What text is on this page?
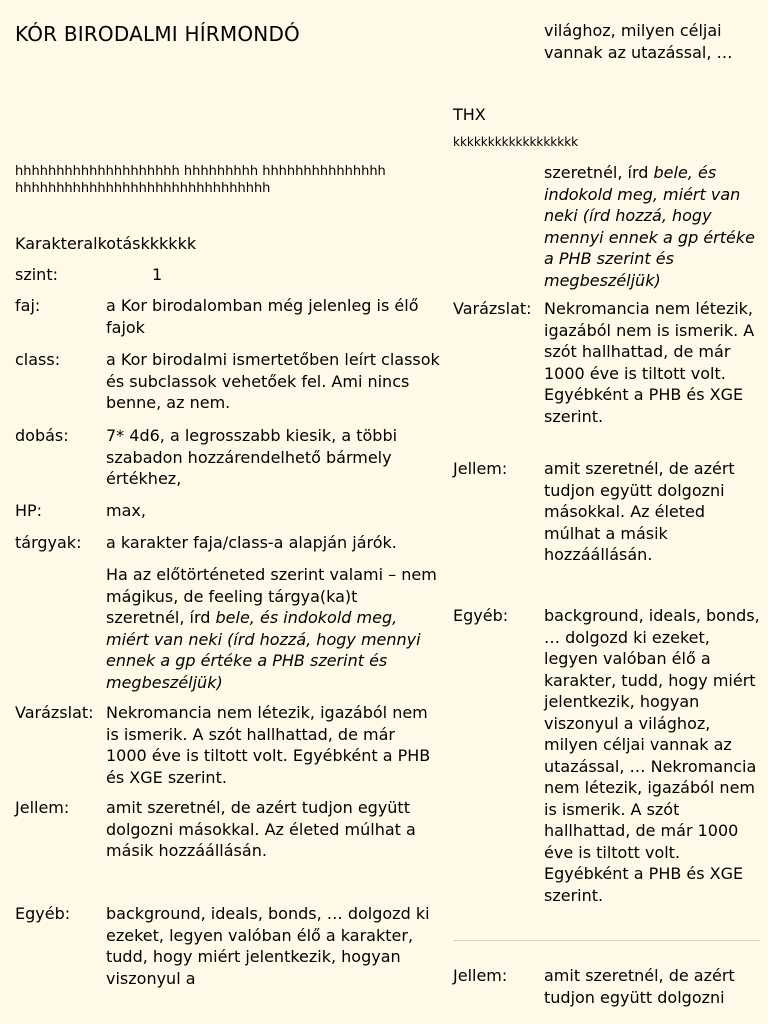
KÓR BIRODALMI HÍRMONDÓ
hhhhhhhhhhhhhhhhhhhh hhhhhhhhh hhhhhhhhhhhhhhh
hhhhhhhhhhhhhhhhhhhhhhhhhhhhhhh
Karakteralkotáskkkkkk
szint:	1
faj:	a Kor birodalomban még jelenleg is élő fajok
class:	a Kor birodalmi ismertetőben leírt classok és subclassok vehetőek fel. Ami nincs benne, az nem.
dobás: 7* 4d6, a legrosszabb kiesik, a többi szabadon hozzárendelhető bármely értékhez,
HP:	max,
tárgyak: a karakter faja/class-a alapján járók.
Ha az előtörténeted szerint valami – nem mágikus, de feeling tárgya(ka)t szeretnél, írd bele, és indokold meg, miért van neki (írd hozzá, hogy mennyi ennek a gp értéke a PHB szerint és megbeszéljük)
Varázslat: Nekromancia nem létezik, igazából nem is ismerik. A szót hallhattad, de már 1000 éve is tiltott volt. Egyébként a PHB és XGE szerint.
Jellem: amit szeretnél, de azért tudjon együtt dolgozni másokkal. Az életed múlhat a másik hozzáállásán.
Egyéb: background, ideals, bonds, … dolgozd ki ezeket, legyen valóban élő a karakter, tudd, hogy miért jelentkezik, hogyan viszonyul a
világhoz, milyen céljai vannak az utazással, …
THX
kkkkkkkkkkkkkkkkkk
szeretnél, írd bele, és indokold meg, miért van neki (írd hozzá, hogy mennyi ennek a gp értéke a PHB szerint és megbeszéljük)
Varázslat: Nekromancia nem létezik, igazából nem is ismerik. A szót hallhattad, de már 1000 éve is tiltott volt. Egyébként a PHB és XGE szerint.
Jellem: amit szeretnél, de azért tudjon együtt dolgozni másokkal. Az életed múlhat a másik hozzáállásán.
Egyéb: background, ideals, bonds, … dolgozd ki ezeket, legyen valóban élő a karakter, tudd, hogy miért jelentkezik, hogyan viszonyul a világhoz, milyen céljai vannak az utazással, … Nekromancia nem létezik, igazából nem is ismerik. A szót hallhattad, de már 1000 éve is tiltott volt. Egyébként a PHB és XGE szerint.
Jellem: amit szeretnél, de azért tudjon együtt dolgozni
